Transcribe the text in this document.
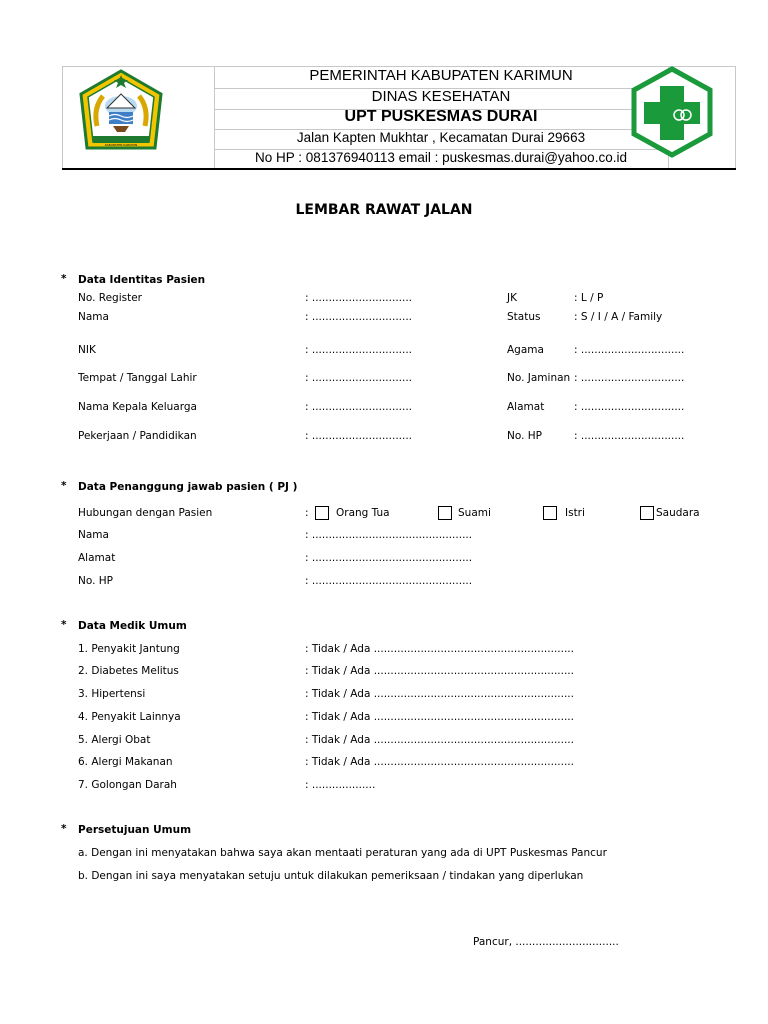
KABUPATEN KARIMUN
PEMERINTAH KABUPATEN KARIMUN
DINAS KESEHATAN
UPT PUSKESMAS DURAI
Jalan Kapten Mukhtar , Kecamatan Durai 29663
No HP : 081376940113 email : puskesmas.durai@yahoo.co.id
LEMBAR RAWAT JALAN
* Data Identitas Pasien
No. Register	: ..............................	JK	: L / P
Nama	: ..............................	Status	: S / I / A / Family
NIK	: ..............................	Agama	: ...............................
Tempat / Tanggal Lahir	: ..............................	No. Jaminan : ...............................
Nama Kepala Keluarga	: ..............................	Alamat	: ...............................
Pekerjaan / Pandidikan	: ..............................	No. HP	: ...............................
* Data Penanggung jawab pasien ( PJ )
Hubungan dengan Pasien	:	Orang Tua	Suami	Istri	Saudara
Nama	: ................................................
Alamat	: ................................................
No. HP	: ................................................
* Data Medik Umum
1. Penyakit Jantung	: Tidak / Ada ............................................................
2. Diabetes Melitus	: Tidak / Ada ............................................................
3. Hipertensi	: Tidak / Ada ............................................................
4. Penyakit Lainnya	: Tidak / Ada ............................................................
5. Alergi Obat	: Tidak / Ada ............................................................
6. Alergi Makanan	: Tidak / Ada ............................................................
7. Golongan Darah	: ...................
* Persetujuan Umum
a. Dengan ini menyatakan bahwa saya akan mentaati peraturan yang ada di UPT Puskesmas Pancur
b. Dengan ini saya menyatakan setuju untuk dilakukan pemeriksaan / tindakan yang diperlukan
Pancur, ...............................
